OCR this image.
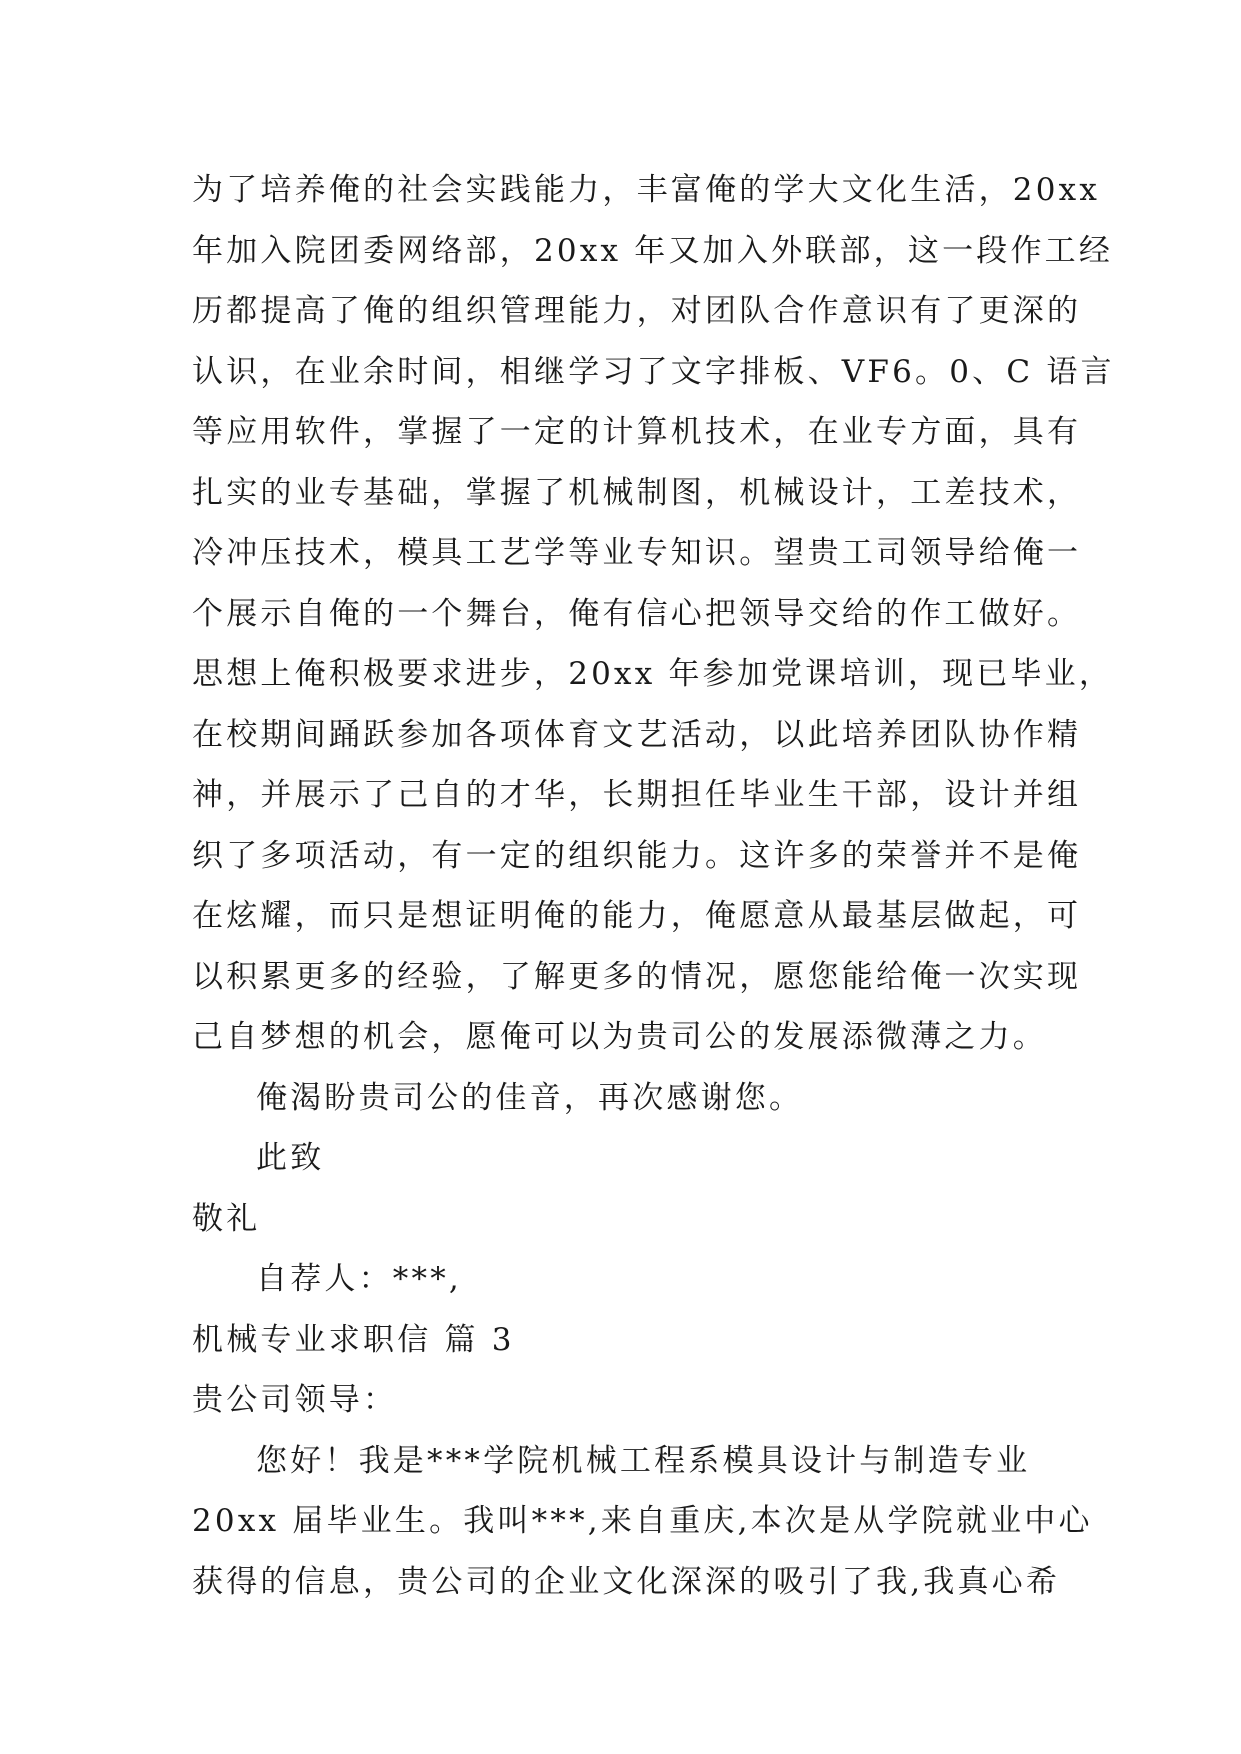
为了培养俺的社会实践能力，丰富俺的学大文化生活，20xx

年加入院团委网络部，20xx 年又加入外联部，这一段作工经

历都提高了俺的组织管理能力，对团队合作意识有了更深的

认识，在业余时间，相继学习了文字排板、VF6。0、C 语言

等应用软件，掌握了一定的计算机技术，在业专方面，具有

扎实的业专基础，掌握了机械制图，机械设计，工差技术，

冷冲压技术，模具工艺学等业专知识。望贵工司领导给俺一

个展示自俺的一个舞台，俺有信心把领导交给的作工做好。

思想上俺积极要求进步，20xx 年参加党课培训，现已毕业，

在校期间踊跃参加各项体育文艺活动，以此培养团队协作精

神，并展示了己自的才华，长期担任毕业生干部，设计并组

织了多项活动，有一定的组织能力。这许多的荣誉并不是俺

在炫耀，而只是想证明俺的能力，俺愿意从最基层做起，可

以积累更多的经验，了解更多的情况，愿您能给俺一次实现

己自梦想的机会，愿俺可以为贵司公的发展添微薄之力。

俺渴盼贵司公的佳音，再次感谢您。

此致

敬礼

自荐人：***,

机械专业求职信 篇 3

贵公司领导：

您好！我是***学院机械工程系模具设计与制造专业

20xx 届毕业生。我叫***,来自重庆,本次是从学院就业中心

获得的信息，贵公司的企业文化深深的吸引了我,我真心希
